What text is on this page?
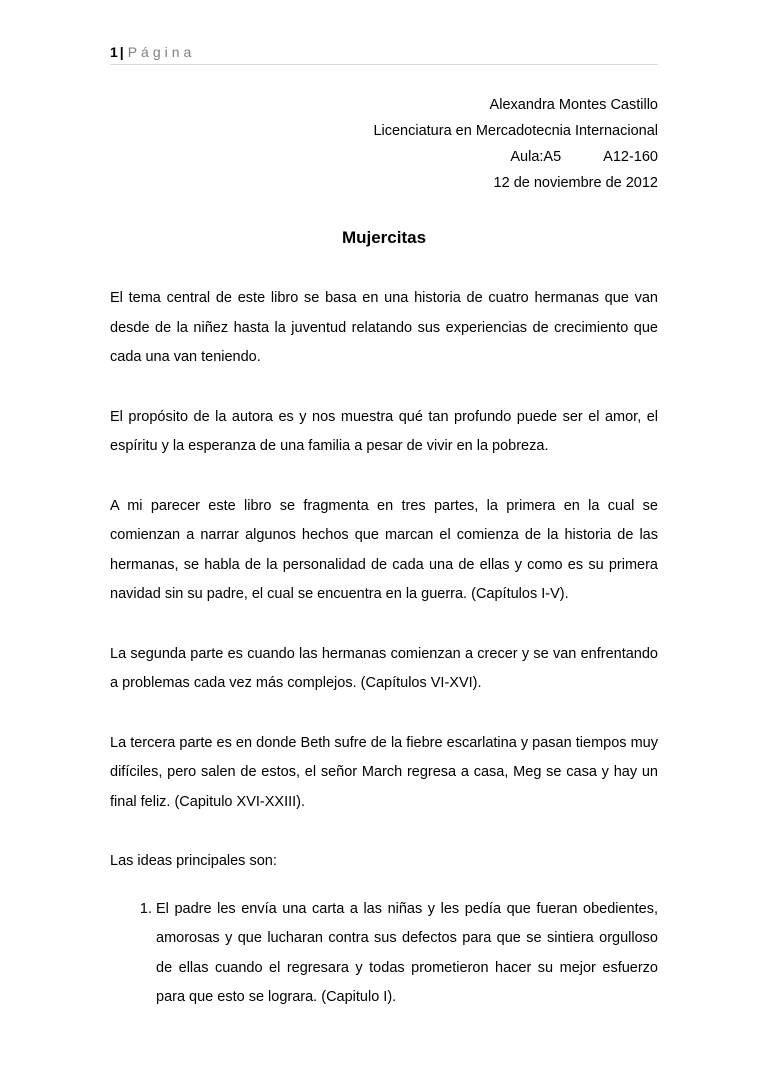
1 | Página
Alexandra Montes Castillo
Licenciatura en Mercadotecnia Internacional
Aula:A5	A12-160
12 de noviembre de 2012
Mujercitas

El tema central de este libro se basa en una historia de cuatro hermanas que van desde de la niñez hasta la juventud relatando sus experiencias de crecimiento que cada una van teniendo.

El propósito de la autora es y nos muestra qué tan profundo puede ser el amor, el espíritu y la esperanza de una familia a pesar de vivir en la pobreza.

A mi parecer este libro se fragmenta en tres partes, la primera en la cual se comienzan a narrar algunos hechos que marcan el comienza de la historia de las hermanas, se habla de la personalidad de cada una de ellas y como es su primera navidad sin su padre, el cual se encuentra en la guerra. (Capítulos I-V).

La segunda parte es cuando las hermanas comienzan a crecer y se van enfrentando a problemas cada vez más complejos. (Capítulos VI-XVI).

La tercera parte es en donde Beth sufre de la fiebre escarlatina y pasan tiempos muy difíciles, pero salen de estos, el señor March regresa a casa, Meg se casa y hay un final feliz. (Capitulo XVI-XXIII).

Las ideas principales son:

1. El padre les envía una carta a las niñas y les pedía que fueran obedientes, amorosas y que lucharan contra sus defectos para que se sintiera orgulloso de ellas cuando el regresara y todas prometieron hacer su mejor esfuerzo para que esto se lograra. (Capitulo I).
